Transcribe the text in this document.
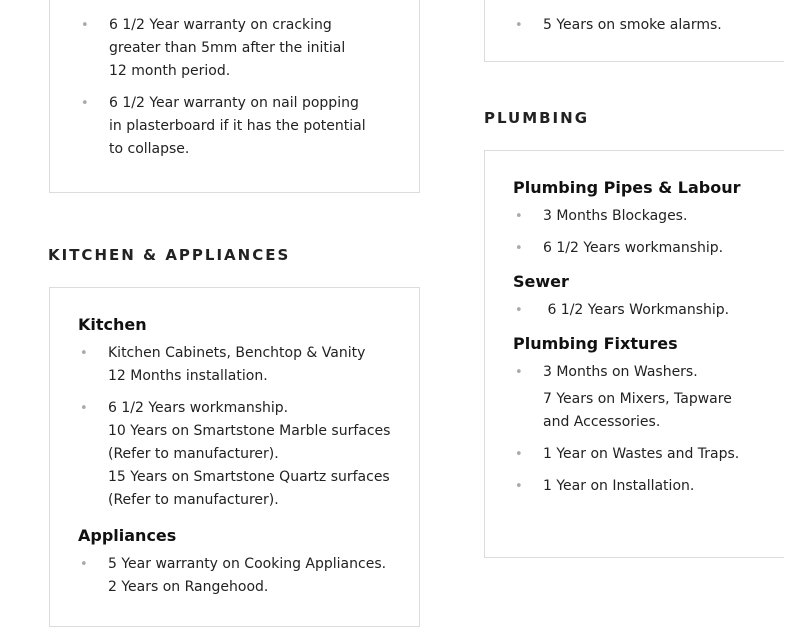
• 6 1/2 Year warranty on cracking
greater than 5mm after the initial
12 month period.
• 6 1/2 Year warranty on nail popping
in plasterboard if it has the potential
to collapse.
KITCHEN & APPLIANCES
Kitchen
• Kitchen Cabinets, Benchtop & Vanity
12 Months installation.
• 6 1/2 Years workmanship.
10 Years on Smartstone Marble surfaces
(Refer to manufacturer).
15 Years on Smartstone Quartz surfaces
(Refer to manufacturer).
Appliances
• 5 Year warranty on Cooking Appliances.
2 Years on Rangehood.
• 5 Years on smoke alarms.
PLUMBING
Plumbing Pipes & Labour
• 3 Months Blockages.
• 6 1/2 Years workmanship.
Sewer
• 6 1/2 Years Workmanship.
Plumbing Fixtures
• 3 Months on Washers.
7 Years on Mixers, Tapware
and Accessories.
• 1 Year on Wastes and Traps.
• 1 Year on Installation.
